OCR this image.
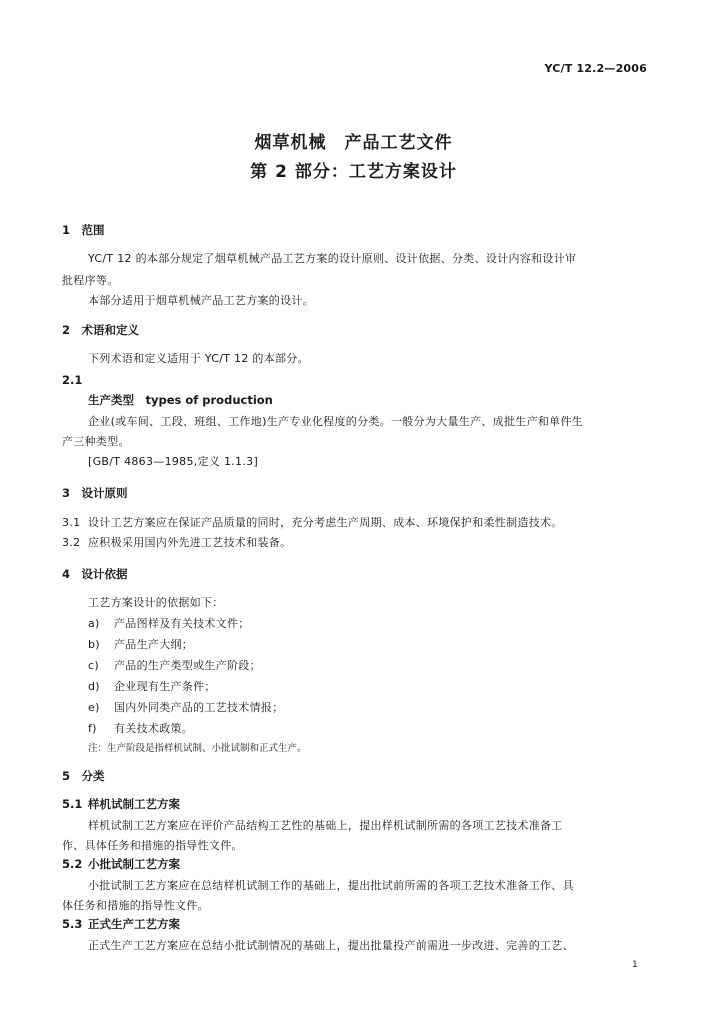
YC/T 12.2—2006
烟草机械　产品工艺文件
第 2 部分：工艺方案设计
1　范围
YC/T 12 的本部分规定了烟草机械产品工艺方案的设计原则、设计依据、分类、设计内容和设计审
批程序等。
本部分适用于烟草机械产品工艺方案的设计。
2　术语和定义
下列术语和定义适用于 YC/T 12 的本部分。
2.1
生产类型　types of production
企业(或车间、工段、班组、工作地)生产专业化程度的分类。一般分为大量生产、成批生产和单件生
产三种类型。
[GB/T 4863—1985,定义 1.1.3]
3　设计原则
3.1 设计工艺方案应在保证产品质量的同时，充分考虑生产周期、成本、环境保护和柔性制造技术。
3.2 应积极采用国内外先进工艺技术和装备。
4　设计依据
工艺方案设计的依据如下：
a) 产品图样及有关技术文件；
b) 产品生产大纲；
c) 产品的生产类型或生产阶段；
d) 企业现有生产条件；
e) 国内外同类产品的工艺技术情报；
f) 有关技术政策。
注：生产阶段是指样机试制、小批试制和正式生产。
5　分类
5.1 样机试制工艺方案
样机试制工艺方案应在评价产品结构工艺性的基础上，提出样机试制所需的各项工艺技术准备工
作、具体任务和措施的指导性文件。
5.2 小批试制工艺方案
小批试制工艺方案应在总结样机试制工作的基础上，提出批试前所需的各项工艺技术准备工作、具
体任务和措施的指导性文件。
5.3 正式生产工艺方案
正式生产工艺方案应在总结小批试制情况的基础上，提出批量投产前需进一步改进、完善的工艺、
1
